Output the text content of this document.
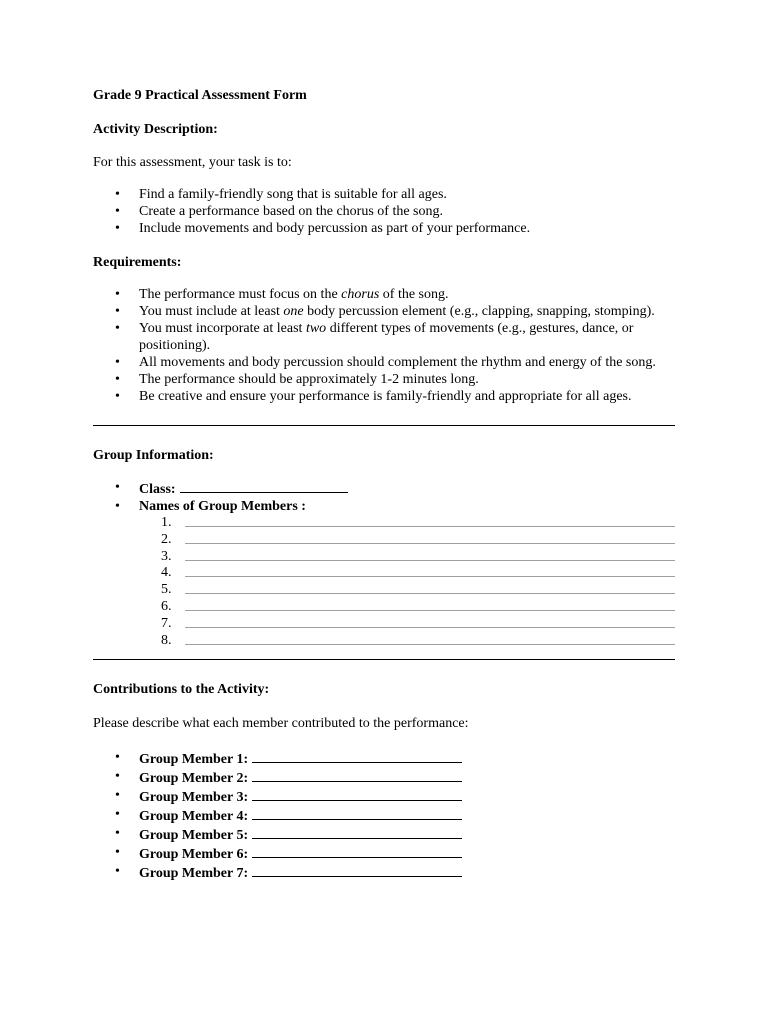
Grade 9 Practical Assessment Form

Activity Description:

For this assessment, your task is to:

• Find a family-friendly song that is suitable for all ages.
• Create a performance based on the chorus of the song.
• Include movements and body percussion as part of your performance.

Requirements:

• The performance must focus on the chorus of the song.
• You must include at least one body percussion element (e.g., clapping, snapping, stomping).
• You must incorporate at least two different types of movements (e.g., gestures, dance, or positioning).
• All movements and body percussion should complement the rhythm and energy of the song.
• The performance should be approximately 1-2 minutes long.
• Be creative and ensure your performance is family-friendly and appropriate for all ages.

Group Information:

• Class:
• Names of Group Members :
1.
2.
3.
4.
5.
6.
7.
8.

Contributions to the Activity:

Please describe what each member contributed to the performance:

• Group Member 1:
• Group Member 2:
• Group Member 3:
• Group Member 4:
• Group Member 5:
• Group Member 6:
• Group Member 7:
